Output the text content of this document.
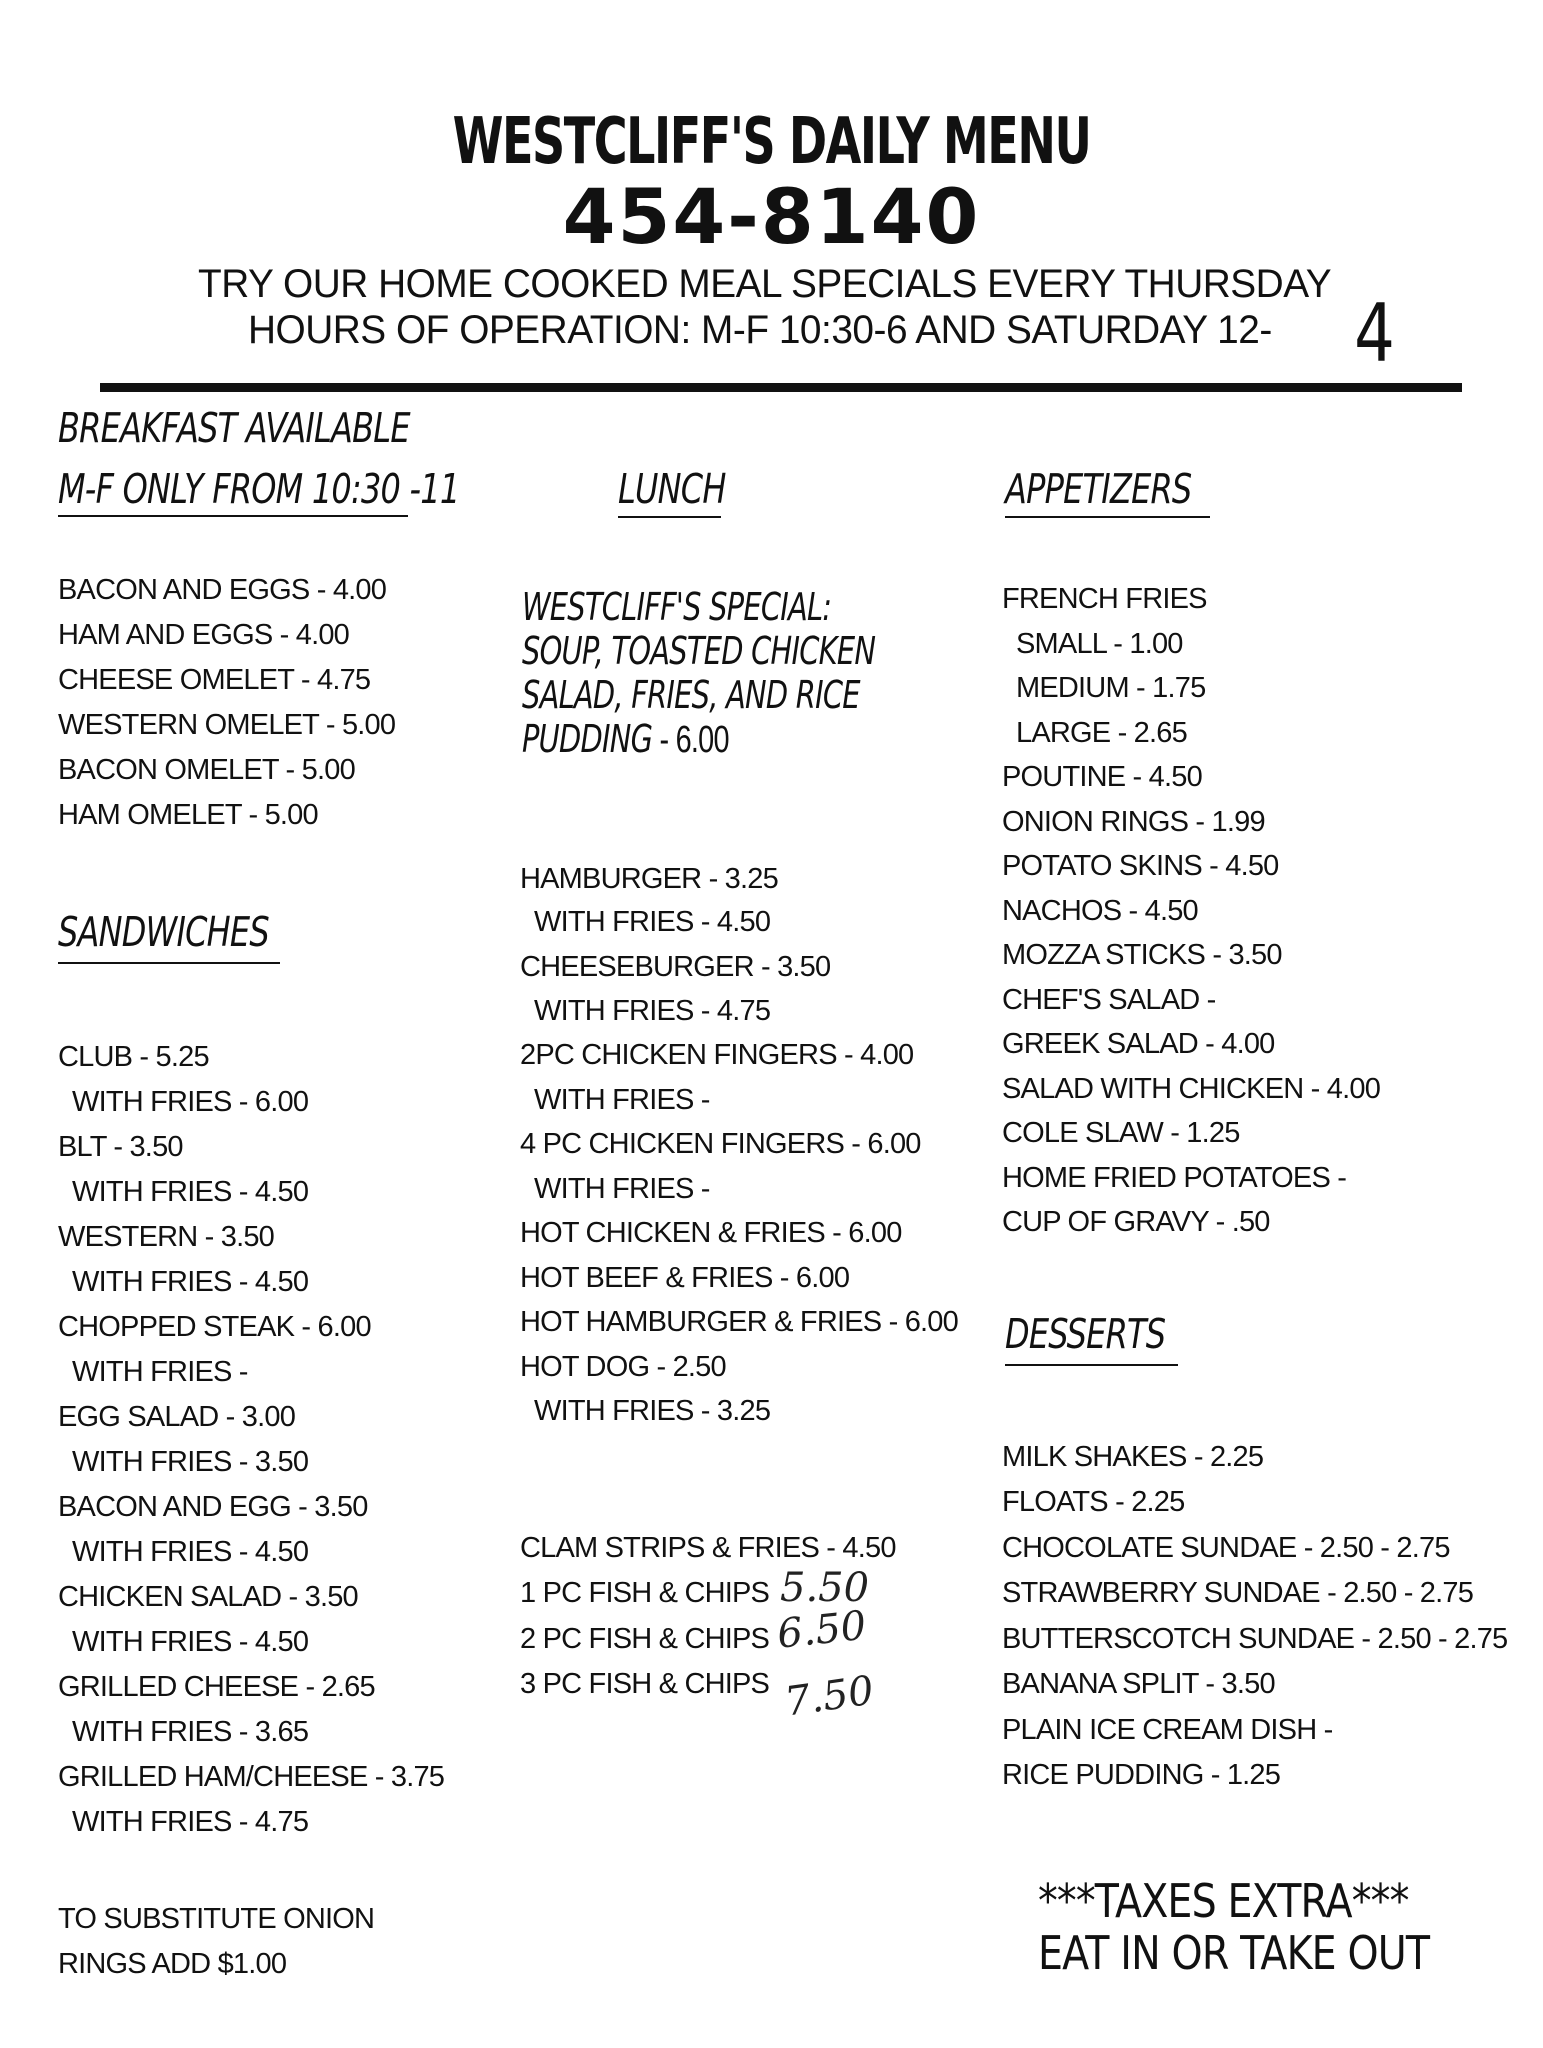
WESTCLIFF'S DAILY MENU
454-8140
TRY OUR HOME COOKED MEAL SPECIALS EVERY THURSDAY
HOURS OF OPERATION: M-F 10:30-6 AND SATURDAY 12- 4
BREAKFAST AVAILABLE
M-F ONLY FROM 10:30 -11
BACON AND EGGS - 4.00
HAM AND EGGS - 4.00
CHEESE OMELET - 4.75
WESTERN OMELET - 5.00
BACON OMELET - 5.00
HAM OMELET - 5.00
SANDWICHES
CLUB - 5.25
WITH FRIES - 6.00
BLT - 3.50
WITH FRIES - 4.50
WESTERN - 3.50
WITH FRIES - 4.50
CHOPPED STEAK - 6.00
WITH FRIES -
EGG SALAD - 3.00
WITH FRIES - 3.50
BACON AND EGG - 3.50
WITH FRIES - 4.50
CHICKEN SALAD - 3.50
WITH FRIES - 4.50
GRILLED CHEESE - 2.65
WITH FRIES - 3.65
GRILLED HAM/CHEESE - 3.75
WITH FRIES - 4.75
TO SUBSTITUTE ONION
RINGS ADD $1.00
LUNCH
WESTCLIFF'S SPECIAL:
SOUP, TOASTED CHICKEN
SALAD, FRIES, AND RICE
PUDDING - 6.00
HAMBURGER - 3.25
WITH FRIES - 4.50
CHEESEBURGER - 3.50
WITH FRIES - 4.75
2PC CHICKEN FINGERS - 4.00
WITH FRIES -
4 PC CHICKEN FINGERS - 6.00
WITH FRIES -
HOT CHICKEN & FRIES - 6.00
HOT BEEF & FRIES - 6.00
HOT HAMBURGER & FRIES - 6.00
HOT DOG - 2.50
WITH FRIES - 3.25
CLAM STRIPS & FRIES - 4.50
1 PC FISH & CHIPS
2 PC FISH & CHIPS
3 PC FISH & CHIPS
5.50
6.50
7.50
APPETIZERS
FRENCH FRIES
SMALL - 1.00
MEDIUM - 1.75
LARGE - 2.65
POUTINE - 4.50
ONION RINGS - 1.99
POTATO SKINS - 4.50
NACHOS - 4.50
MOZZA STICKS - 3.50
CHEF'S SALAD -
GREEK SALAD - 4.00
SALAD WITH CHICKEN - 4.00
COLE SLAW - 1.25
HOME FRIED POTATOES -
CUP OF GRAVY - .50
DESSERTS
MILK SHAKES - 2.25
FLOATS - 2.25
CHOCOLATE SUNDAE - 2.50 - 2.75
STRAWBERRY SUNDAE - 2.50 - 2.75
BUTTERSCOTCH SUNDAE - 2.50 - 2.75
BANANA SPLIT - 3.50
PLAIN ICE CREAM DISH -
RICE PUDDING - 1.25
***TAXES EXTRA***
EAT IN OR TAKE OUT
